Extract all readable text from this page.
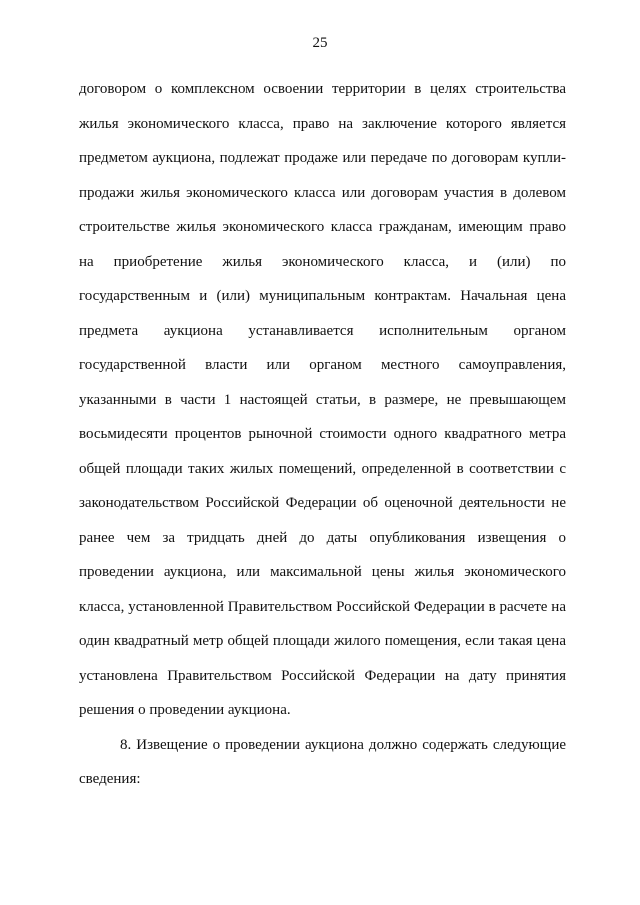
25

договором о комплексном освоении территории в целях строительства жилья экономического класса, право на заключение которого является предметом аукциона, подлежат продаже или передаче по договорам купли-продажи жилья экономического класса или договорам участия в долевом строительстве жилья экономического класса гражданам, имеющим право на приобретение жилья экономического класса, и (или) по государственным и (или) муниципальным контрактам. Начальная цена предмета аукциона устанавливается исполнительным органом государственной власти или органом местного самоуправления, указанными в части 1 настоящей статьи, в размере, не превышающем восьмидесяти процентов рыночной стоимости одного квадратного метра общей площади таких жилых помещений, определенной в соответствии с законодательством Российской Федерации об оценочной деятельности не ранее чем за тридцать дней до даты опубликования извещения о проведении аукциона, или максимальной цены жилья экономического класса, установленной Правительством Российской Федерации в расчете на один квадратный метр общей площади жилого помещения, если такая цена установлена Правительством Российской Федерации на дату принятия решения о проведении аукциона.

8. Извещение о проведении аукциона должно содержать следующие сведения:
